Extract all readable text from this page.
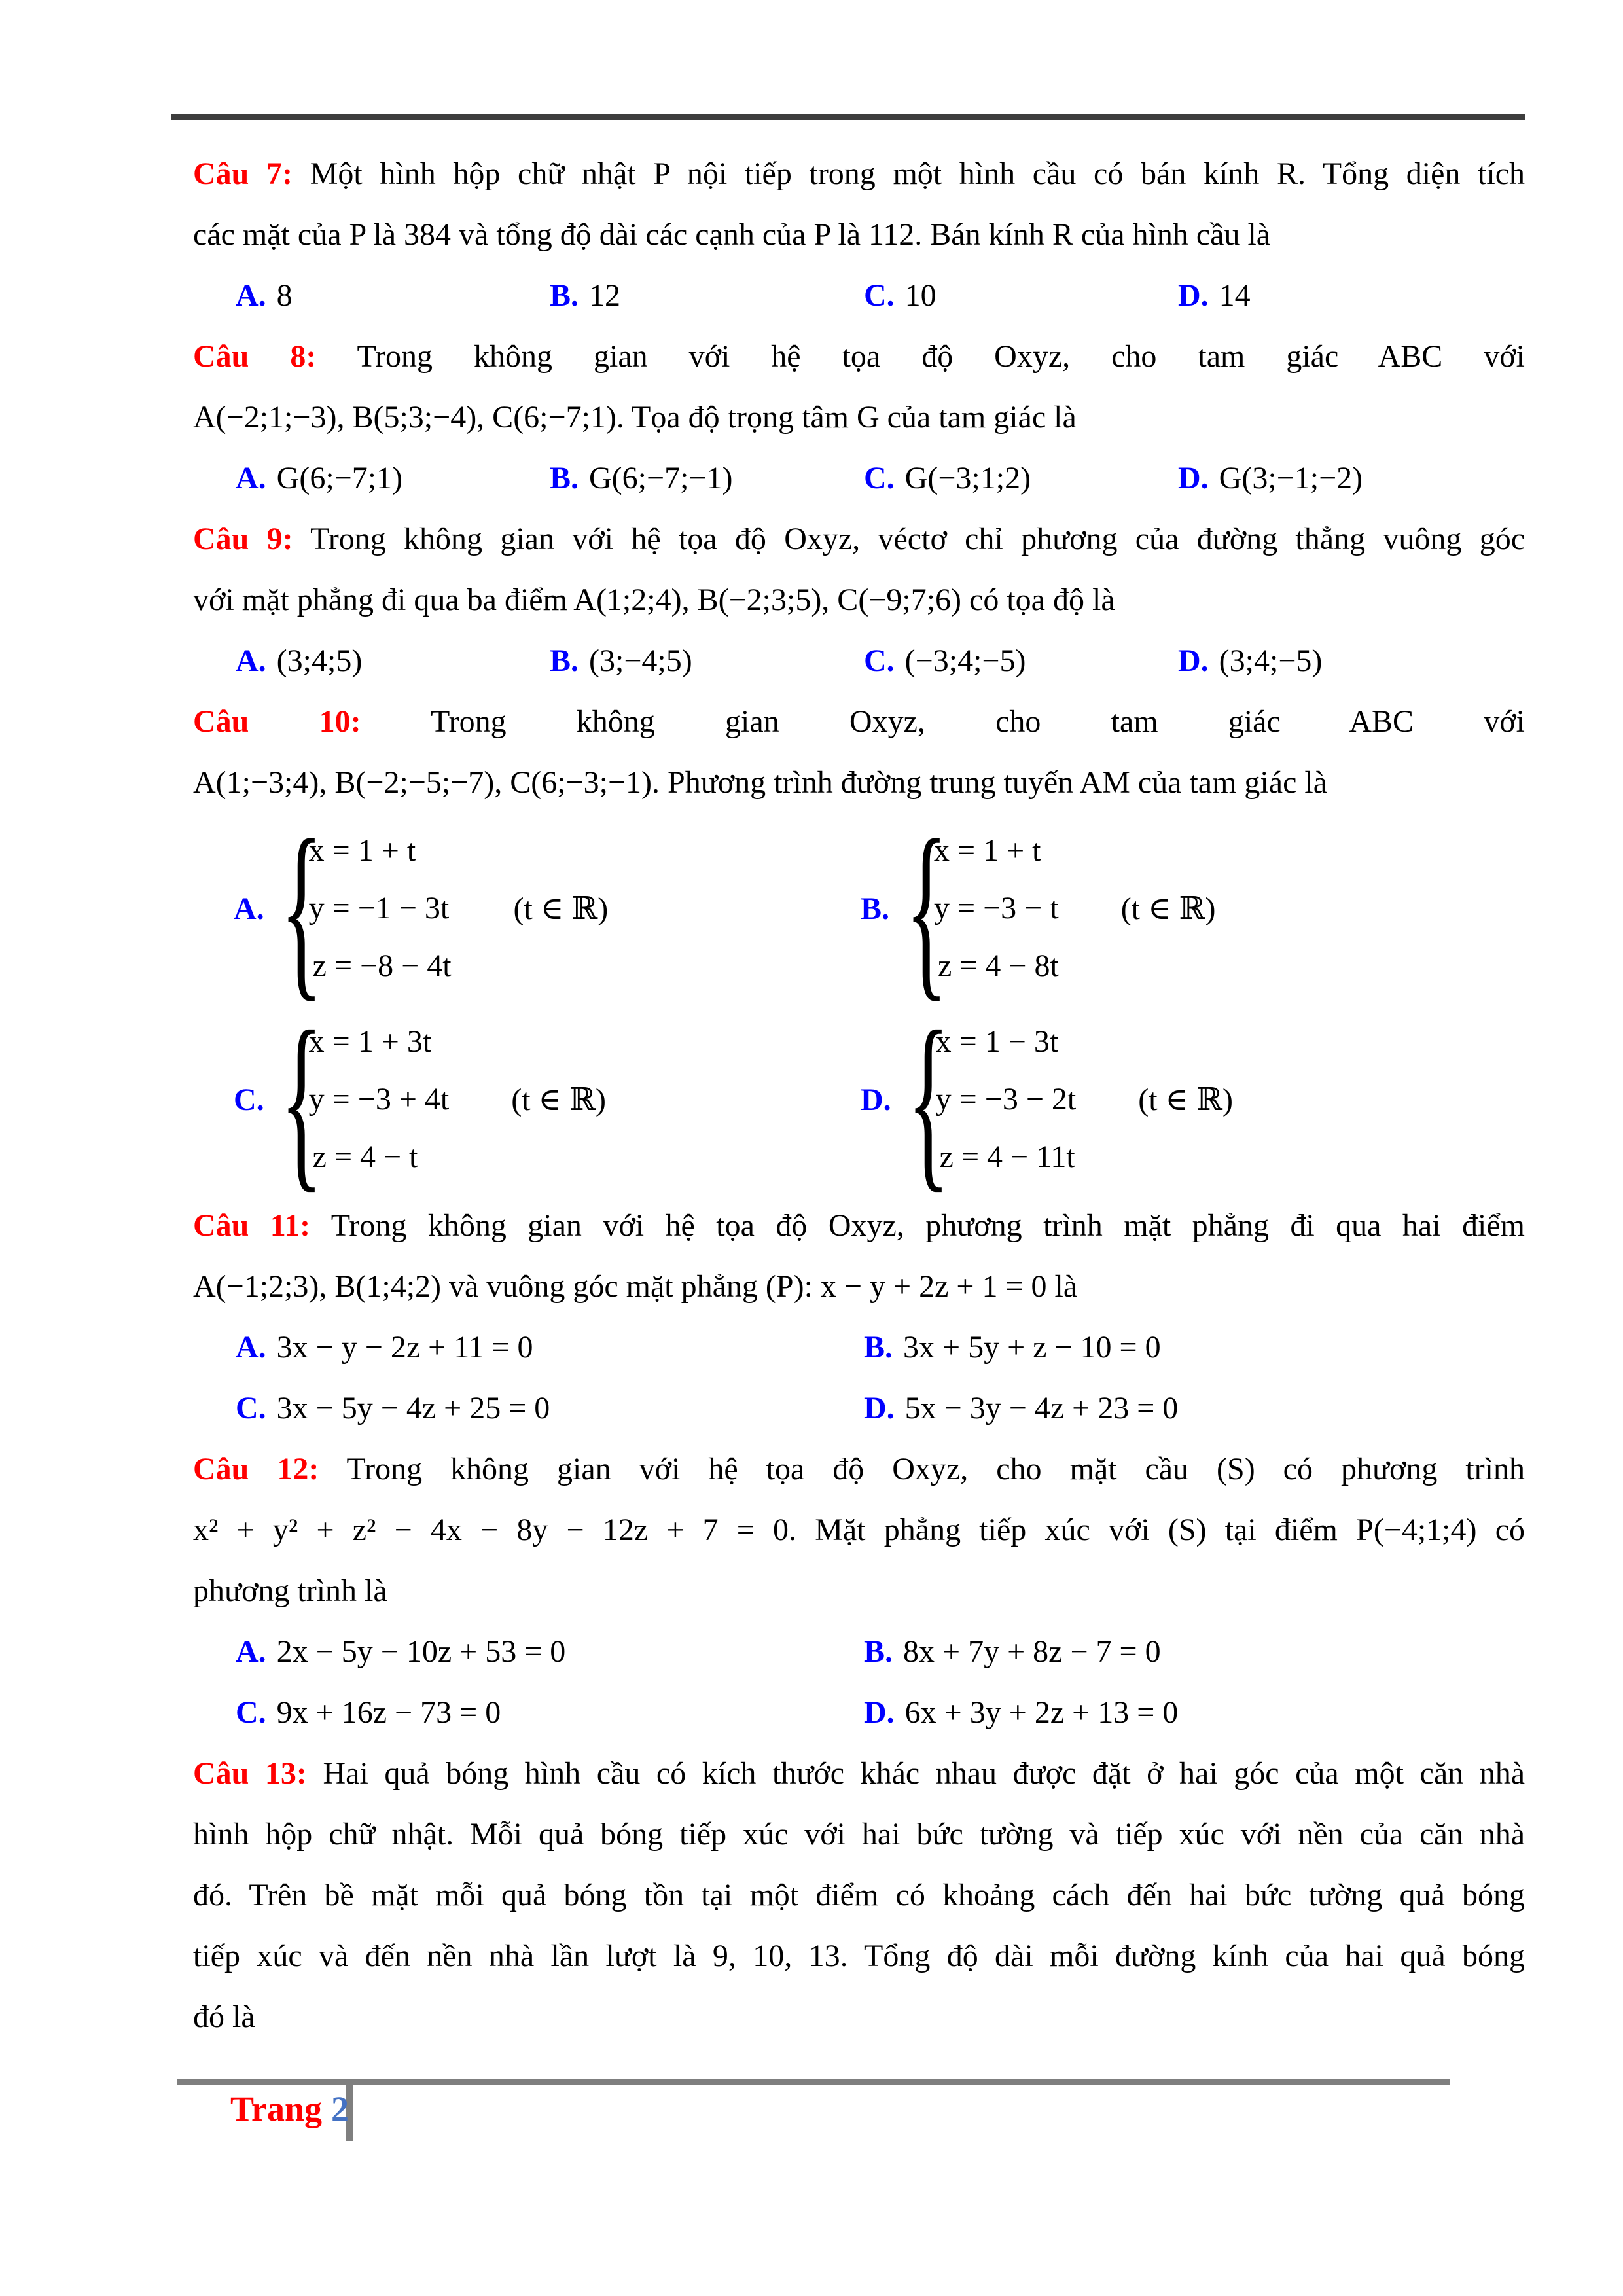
Câu 7: Một hình hộp chữ nhật P nội tiếp trong một hình cầu có bán kính R. Tổng diện tích
các mặt của P là 384 và tổng độ dài các cạnh của P là 112. Bán kính R của hình cầu là
A. 8	B. 12	C. 10	D. 14
Câu 8: Trong không gian với hệ tọa độ Oxyz, cho tam giác ABC với
A(−2;1;−3), B(5;3;−4), C(6;−7;1). Tọa độ trọng tâm G của tam giác là
A. G(6;−7;1)	B. G(6;−7;−1)	C. G(−3;1;2)	D. G(3;−1;−2)
Câu 9: Trong không gian với hệ tọa độ Oxyz, véctơ chỉ phương của đường thẳng vuông góc
với mặt phẳng đi qua ba điểm A(1;2;4), B(−2;3;5), C(−9;7;6) có tọa độ là
A. (3;4;5)	B. (3;−4;5)	C. (−3;4;−5)	D. (3;4;−5)
Câu 10: Trong không gian Oxyz, cho tam giác ABC với
A(1;−3;4), B(−2;−5;−7), C(6;−3;−1). Phương trình đường trung tuyến AM của tam giác là
A. {
x = 1 + t
y = −1 − 3t
z = −8 − 4t
(t ∈ ℝ)	B. {
x = 1 + t
y = −3 − t
z = 4 − 8t
(t ∈ ℝ)
C. {
x = 1 + 3t
y = −3 + 4t
z = 4 − t
(t ∈ ℝ)	D. {
x = 1 − 3t
y = −3 − 2t
z = 4 − 11t
(t ∈ ℝ)
Câu 11: Trong không gian với hệ tọa độ Oxyz, phương trình mặt phẳng đi qua hai điểm
A(−1;2;3), B(1;4;2) và vuông góc mặt phẳng (P): x − y + 2z + 1 = 0 là
A. 3x − y − 2z + 11 = 0	B. 3x + 5y + z − 10 = 0
C. 3x − 5y − 4z + 25 = 0	D. 5x − 3y − 4z + 23 = 0
Câu 12: Trong không gian với hệ tọa độ Oxyz, cho mặt cầu (S) có phương trình
x² + y² + z² − 4x − 8y − 12z + 7 = 0. Mặt phẳng tiếp xúc với (S) tại điểm P(−4;1;4) có
phương trình là
A. 2x − 5y − 10z + 53 = 0	B. 8x + 7y + 8z − 7 = 0
C. 9x + 16z − 73 = 0	D. 6x + 3y + 2z + 13 = 0
Câu 13: Hai quả bóng hình cầu có kích thước khác nhau được đặt ở hai góc của một căn nhà
hình hộp chữ nhật. Mỗi quả bóng tiếp xúc với hai bức tường và tiếp xúc với nền của căn nhà
đó. Trên bề mặt mỗi quả bóng tồn tại một điểm có khoảng cách đến hai bức tường quả bóng
tiếp xúc và đến nền nhà lần lượt là 9, 10, 13. Tổng độ dài mỗi đường kính của hai quả bóng
đó là
Trang 2
